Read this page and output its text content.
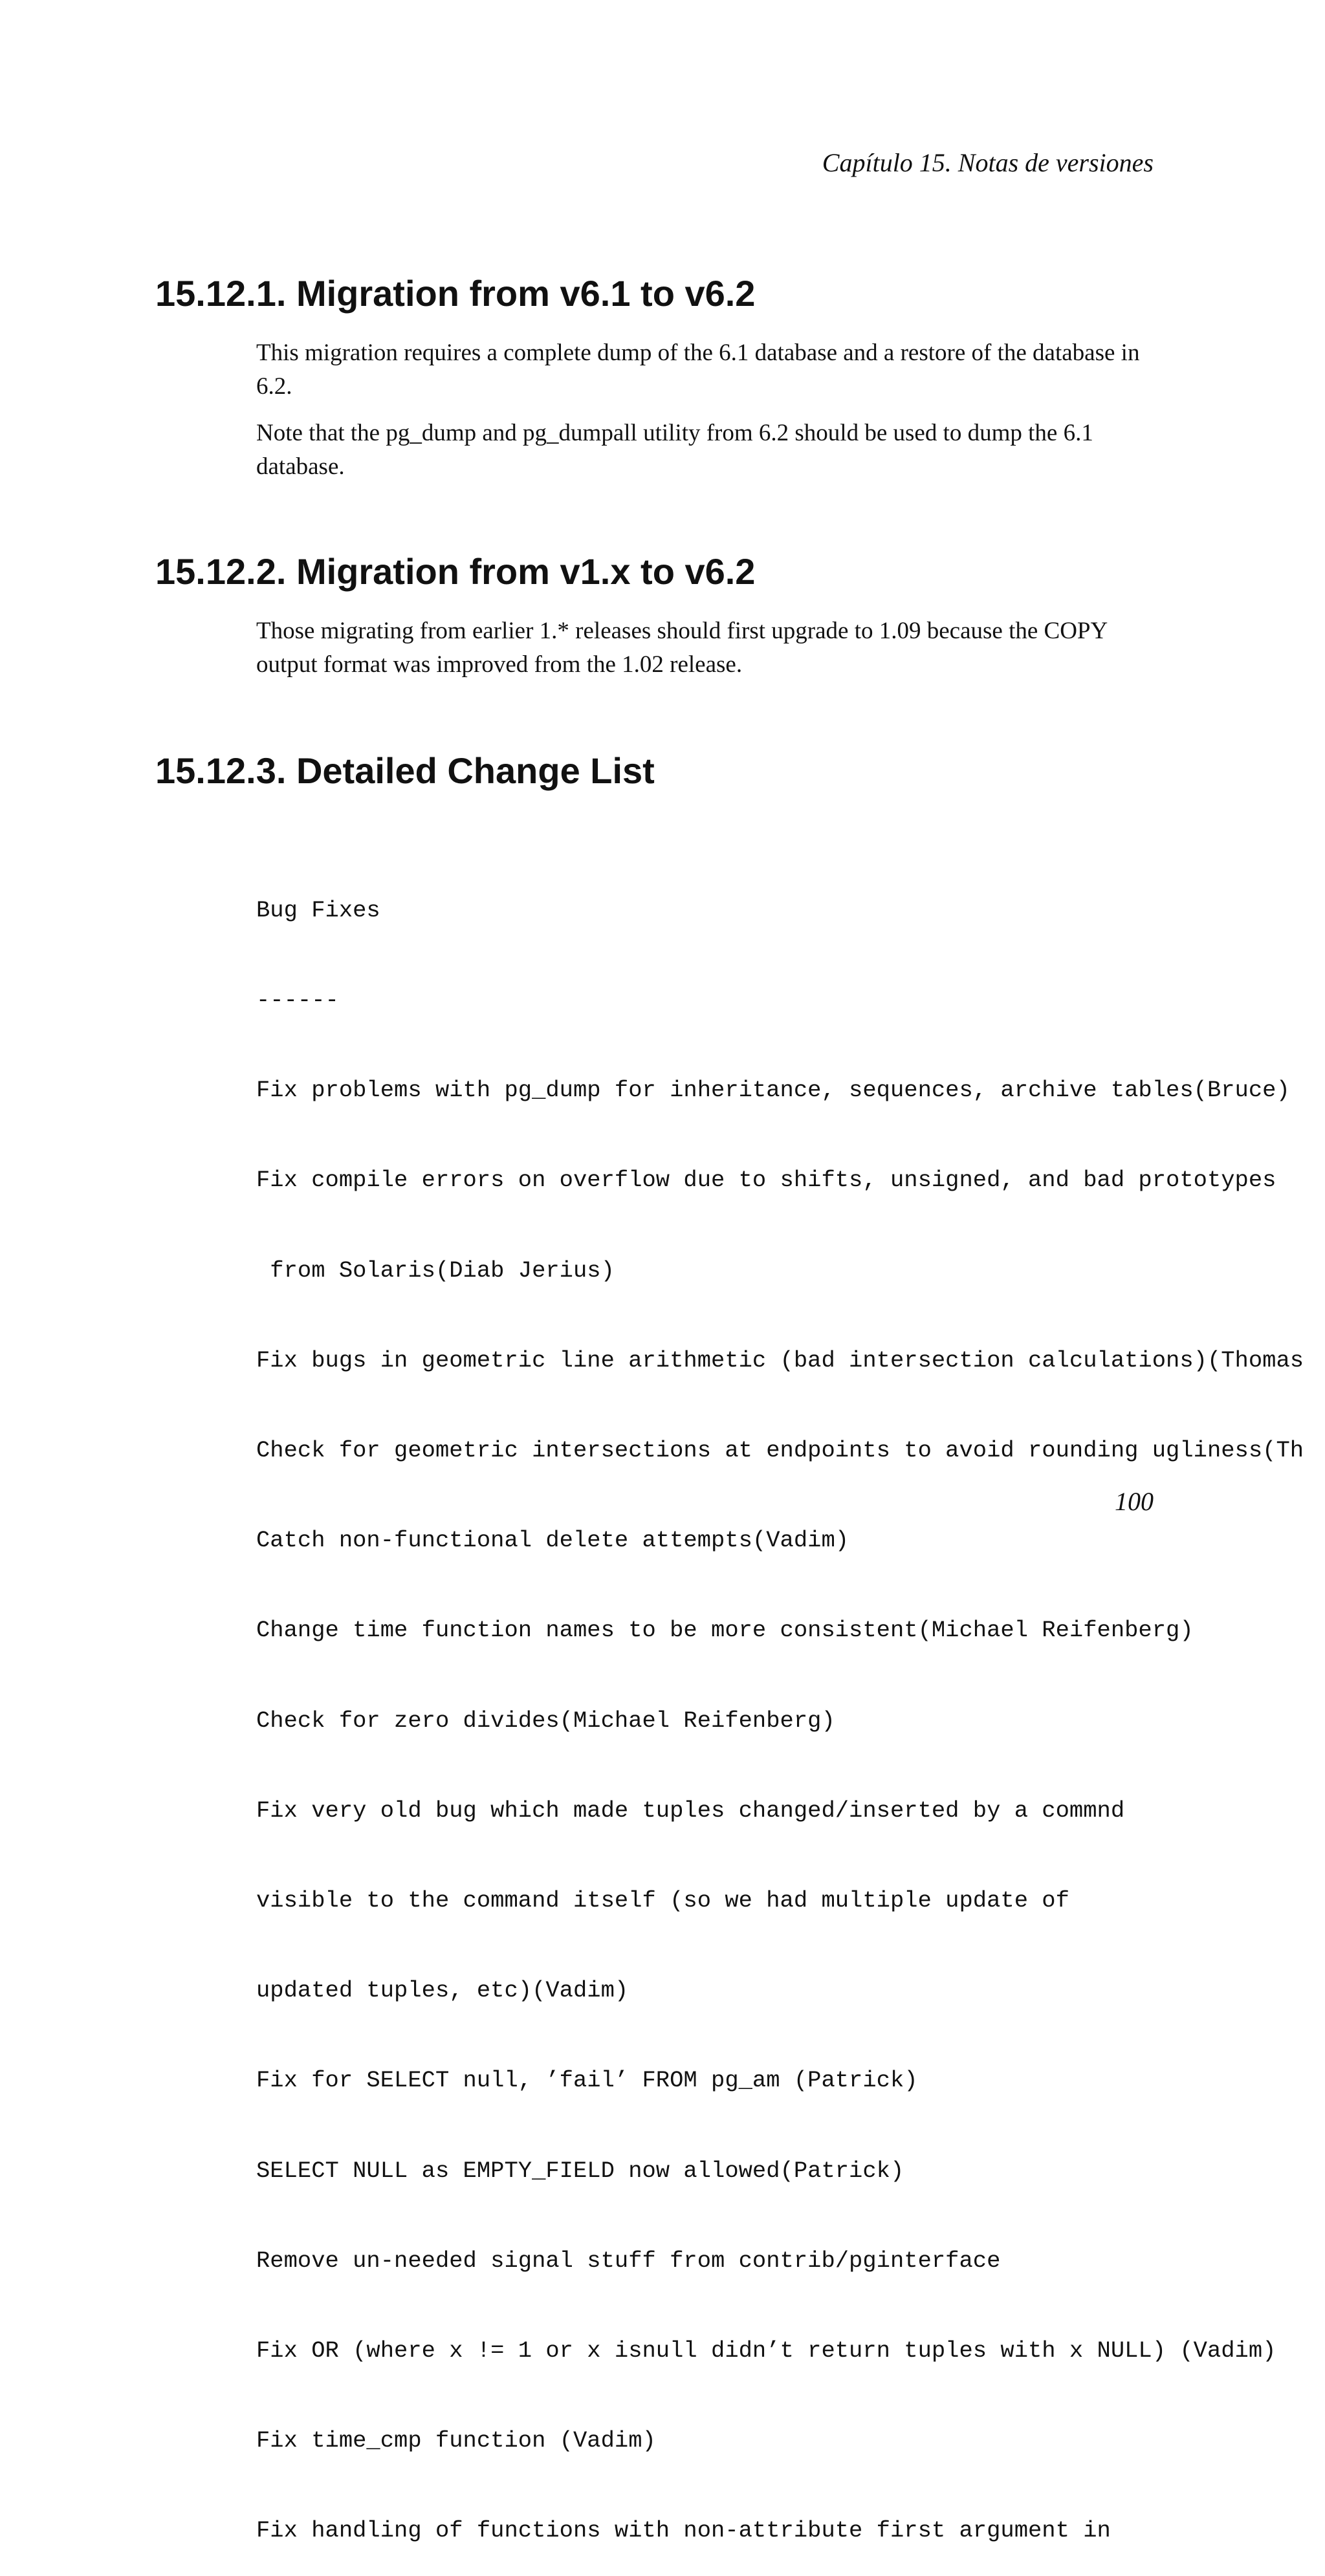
Capítulo 15. Notas de versiones
15.12.1. Migration from v6.1 to v6.2

This migration requires a complete dump of the 6.1 database and a restore of the database in 6.2.

Note that the pg_dump and pg_dumpall utility from 6.2 should be used to dump the 6.1 database.

15.12.2. Migration from v1.x to v6.2

Those migrating from earlier 1.* releases should first upgrade to 1.09 because the COPY output format was improved from the 1.02 release.

15.12.3. Detailed Change List

Bug Fixes

------

Fix problems with pg_dump for inheritance, sequences, archive tables(Bruce)

Fix compile errors on overflow due to shifts, unsigned, and bad prototypes

from Solaris(Diab Jerius)

Fix bugs in geometric line arithmetic (bad intersection calculations)(Thomas

Check for geometric intersections at endpoints to avoid rounding ugliness(Th

Catch non-functional delete attempts(Vadim)

Change time function names to be more consistent(Michael Reifenberg)

Check for zero divides(Michael Reifenberg)

Fix very old bug which made tuples changed/inserted by a commnd

visible to the command itself (so we had multiple update of

updated tuples, etc)(Vadim)

Fix for SELECT null, ’fail’ FROM pg_am (Patrick)

SELECT NULL as EMPTY_FIELD now allowed(Patrick)

Remove un-needed signal stuff from contrib/pginterface

Fix OR (where x != 1 or x isnull didn’t return tuples with x NULL) (Vadim)

Fix time_cmp function (Vadim)

Fix handling of functions with non-attribute first argument in

100
